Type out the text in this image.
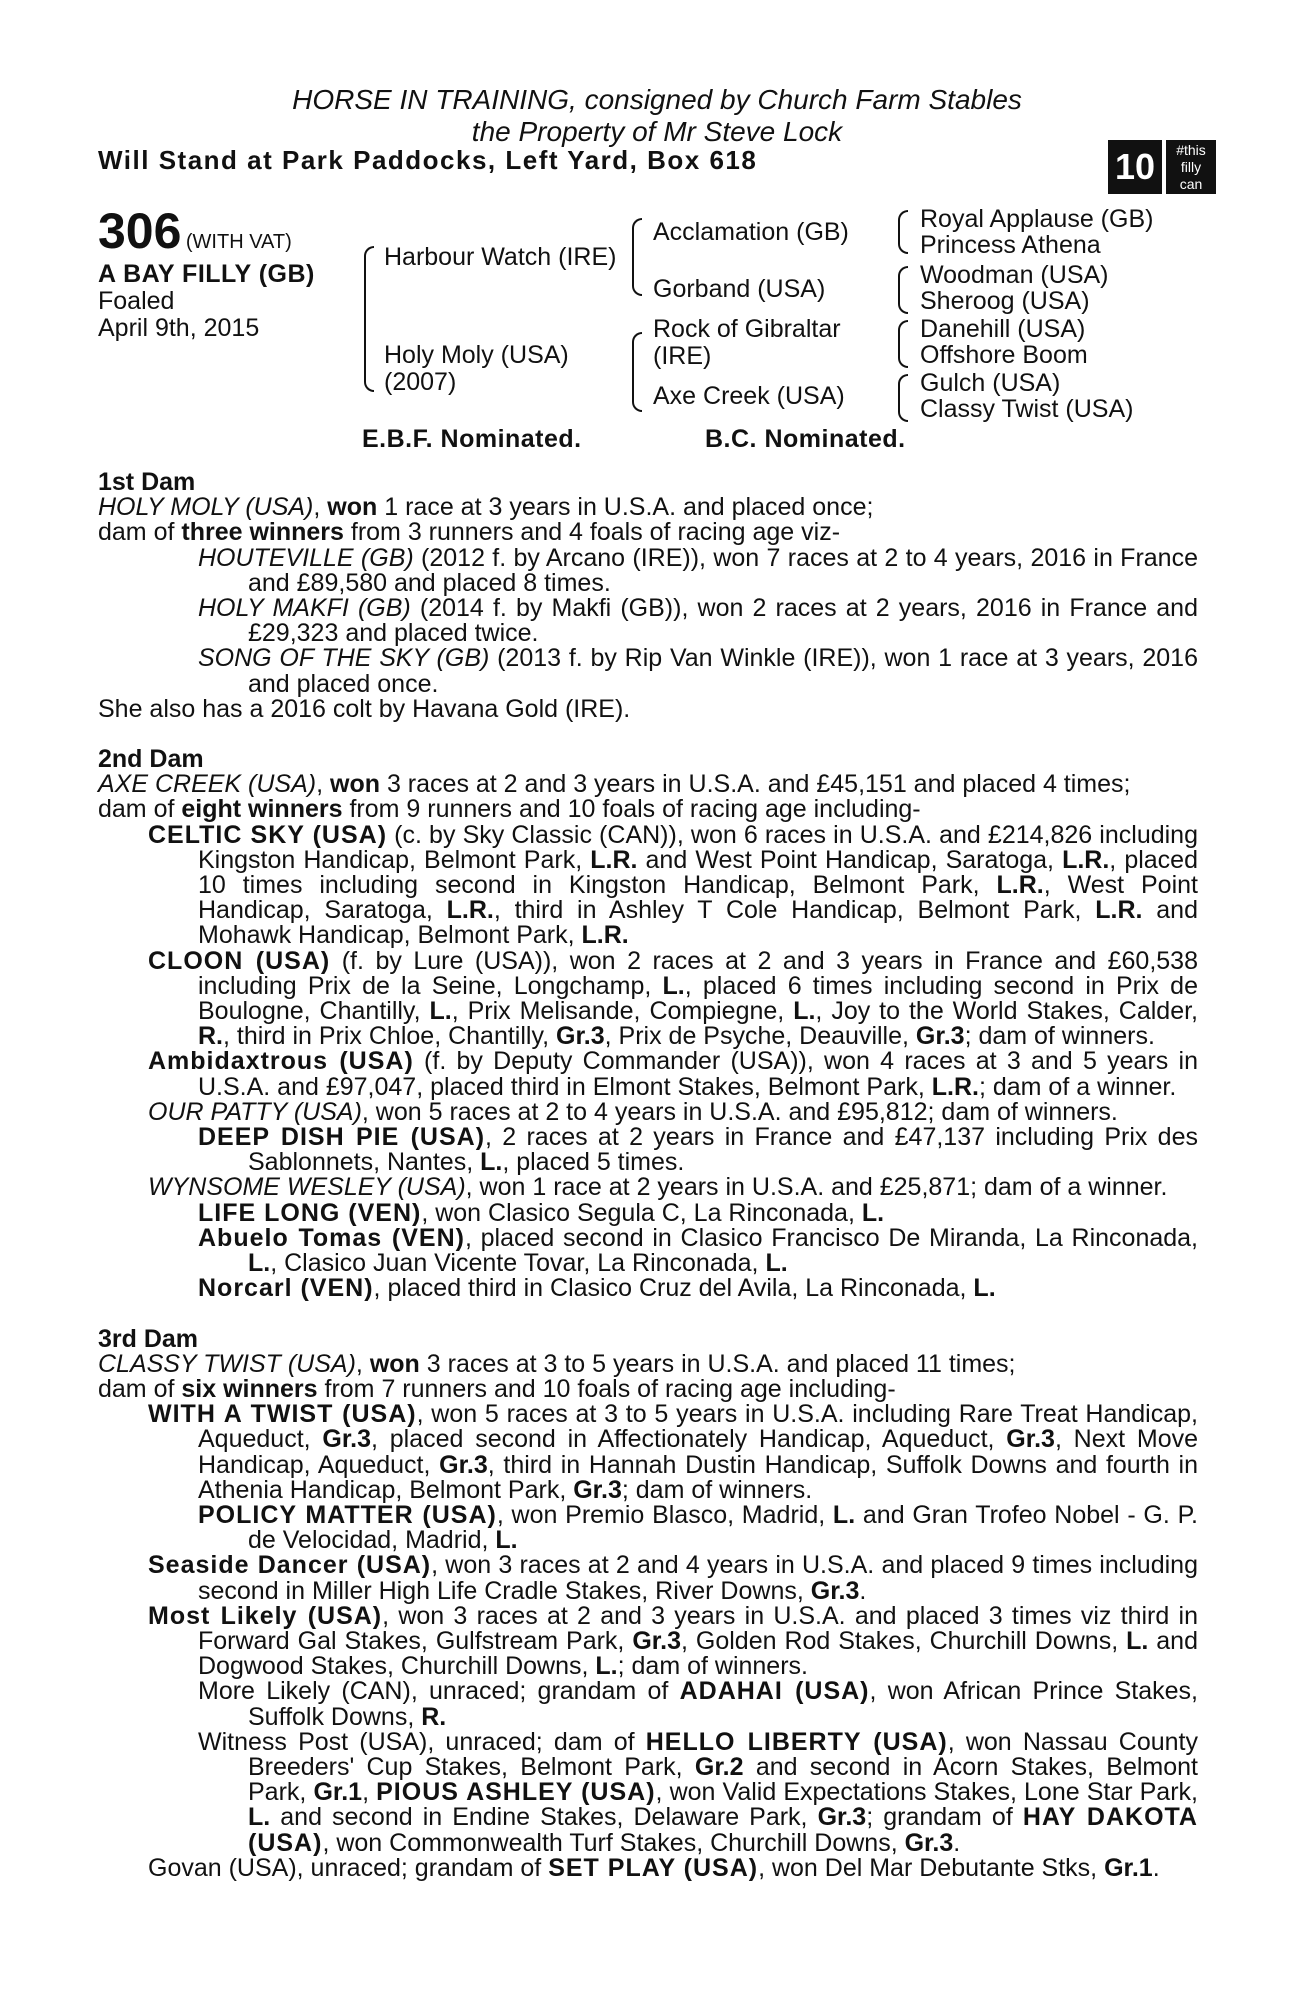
HORSE IN TRAINING, consigned by Church Farm Stables
the Property of Mr Steve Lock
Will Stand at Park Paddocks, Left Yard, Box 618	10	#this
filly
can
306 (WITH VAT)
A BAY FILLY (GB)
Foaled
April 9th, 2015
Harbour Watch (IRE)
Holy Moly (USA)
(2007)
Acclamation (GB)
Gorband (USA)
Rock of Gibraltar
(IRE)
Axe Creek (USA)
Royal Applause (GB)
Princess Athena
Woodman (USA)
Sheroog (USA)
Danehill (USA)
Offshore Boom
Gulch (USA)
Classy Twist (USA)
E.B.F. Nominated.	B.C. Nominated.

1st Dam

HOLY MOLY (USA), won 1 race at 3 years in U.S.A. and placed once;

dam of three winners from 3 runners and 4 foals of racing age viz-

HOUTEVILLE (GB) (2012 f. by Arcano (IRE)), won 7 races at 2 to 4 years, 2016 in France and £89,580 and placed 8 times.

HOLY MAKFI (GB) (2014 f. by Makfi (GB)), won 2 races at 2 years, 2016 in France and £29,323 and placed twice.

SONG OF THE SKY (GB) (2013 f. by Rip Van Winkle (IRE)), won 1 race at 3 years, 2016 and placed once.

She also has a 2016 colt by Havana Gold (IRE).

2nd Dam

AXE CREEK (USA), won 3 races at 2 and 3 years in U.S.A. and £45,151 and placed 4 times;

dam of eight winners from 9 runners and 10 foals of racing age including-

CELTIC SKY (USA) (c. by Sky Classic (CAN)), won 6 races in U.S.A. and £214,826 including Kingston Handicap, Belmont Park, L.R. and West Point Handicap, Saratoga, L.R., placed 10 times including second in Kingston Handicap, Belmont Park, L.R., West Point Handicap, Saratoga, L.R., third in Ashley T Cole Handicap, Belmont Park, L.R. and Mohawk Handicap, Belmont Park, L.R.

CLOON (USA) (f. by Lure (USA)), won 2 races at 2 and 3 years in France and £60,538 including Prix de la Seine, Longchamp, L., placed 6 times including second in Prix de Boulogne, Chantilly, L., Prix Melisande, Compiegne, L., Joy to the World Stakes, Calder, R., third in Prix Chloe, Chantilly, Gr.3, Prix de Psyche, Deauville, Gr.3; dam of winners.

Ambidaxtrous (USA) (f. by Deputy Commander (USA)), won 4 races at 3 and 5 years in U.S.A. and £97,047, placed third in Elmont Stakes, Belmont Park, L.R.; dam of a winner.

OUR PATTY (USA), won 5 races at 2 to 4 years in U.S.A. and £95,812; dam of winners.

DEEP DISH PIE (USA), 2 races at 2 years in France and £47,137 including Prix des Sablonnets, Nantes, L., placed 5 times.

WYNSOME WESLEY (USA), won 1 race at 2 years in U.S.A. and £25,871; dam of a winner.

LIFE LONG (VEN), won Clasico Segula C, La Rinconada, L.

Abuelo Tomas (VEN), placed second in Clasico Francisco De Miranda, La Rinconada, L., Clasico Juan Vicente Tovar, La Rinconada, L.

Norcarl (VEN), placed third in Clasico Cruz del Avila, La Rinconada, L.

3rd Dam

CLASSY TWIST (USA), won 3 races at 3 to 5 years in U.S.A. and placed 11 times;

dam of six winners from 7 runners and 10 foals of racing age including-

WITH A TWIST (USA), won 5 races at 3 to 5 years in U.S.A. including Rare Treat Handicap, Aqueduct, Gr.3, placed second in Affectionately Handicap, Aqueduct, Gr.3, Next Move Handicap, Aqueduct, Gr.3, third in Hannah Dustin Handicap, Suffolk Downs and fourth in Athenia Handicap, Belmont Park, Gr.3; dam of winners.

POLICY MATTER (USA), won Premio Blasco, Madrid, L. and Gran Trofeo Nobel - G. P. de Velocidad, Madrid, L.

Seaside Dancer (USA), won 3 races at 2 and 4 years in U.S.A. and placed 9 times including second in Miller High Life Cradle Stakes, River Downs, Gr.3.

Most Likely (USA), won 3 races at 2 and 3 years in U.S.A. and placed 3 times viz third in Forward Gal Stakes, Gulfstream Park, Gr.3, Golden Rod Stakes, Churchill Downs, L. and Dogwood Stakes, Churchill Downs, L.; dam of winners.

More Likely (CAN), unraced; grandam of ADAHAI (USA), won African Prince Stakes, Suffolk Downs, R.

Witness Post (USA), unraced; dam of HELLO LIBERTY (USA), won Nassau County Breeders' Cup Stakes, Belmont Park, Gr.2 and second in Acorn Stakes, Belmont Park, Gr.1, PIOUS ASHLEY (USA), won Valid Expectations Stakes, Lone Star Park, L. and second in Endine Stakes, Delaware Park, Gr.3; grandam of HAY DAKOTA (USA), won Commonwealth Turf Stakes, Churchill Downs, Gr.3.

Govan (USA), unraced; grandam of SET PLAY (USA), won Del Mar Debutante Stks, Gr.1.
